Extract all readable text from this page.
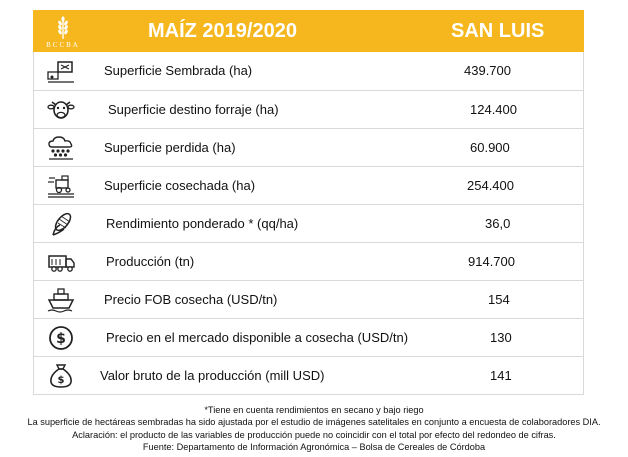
BCCBA
MAÍZ 2019/2020	SAN LUIS
Superficie Sembrada (ha)	439.700
Superficie destino forraje (ha)	124.400
Superficie perdida (ha)	60.900
Superficie cosechada (ha)	254.400
Rendimiento ponderado * (qq/ha)	36,0
Producción (tn)	914.700
Precio FOB cosecha (USD/tn)	154
$	Precio en el mercado disponible a cosecha (USD/tn)	130
$	Valor bruto de la producción (mill USD)	141
*Tiene en cuenta rendimientos en secano y bajo riego
La superficie de hectáreas sembradas ha sido ajustada por el estudio de imágenes satelitales en conjunto a encuesta de colaboradores DIA.
Aclaración: el producto de las variables de producción puede no coincidir con el total por efecto del redondeo de cifras.
Fuente: Departamento de Información Agronómica – Bolsa de Cereales de Córdoba
